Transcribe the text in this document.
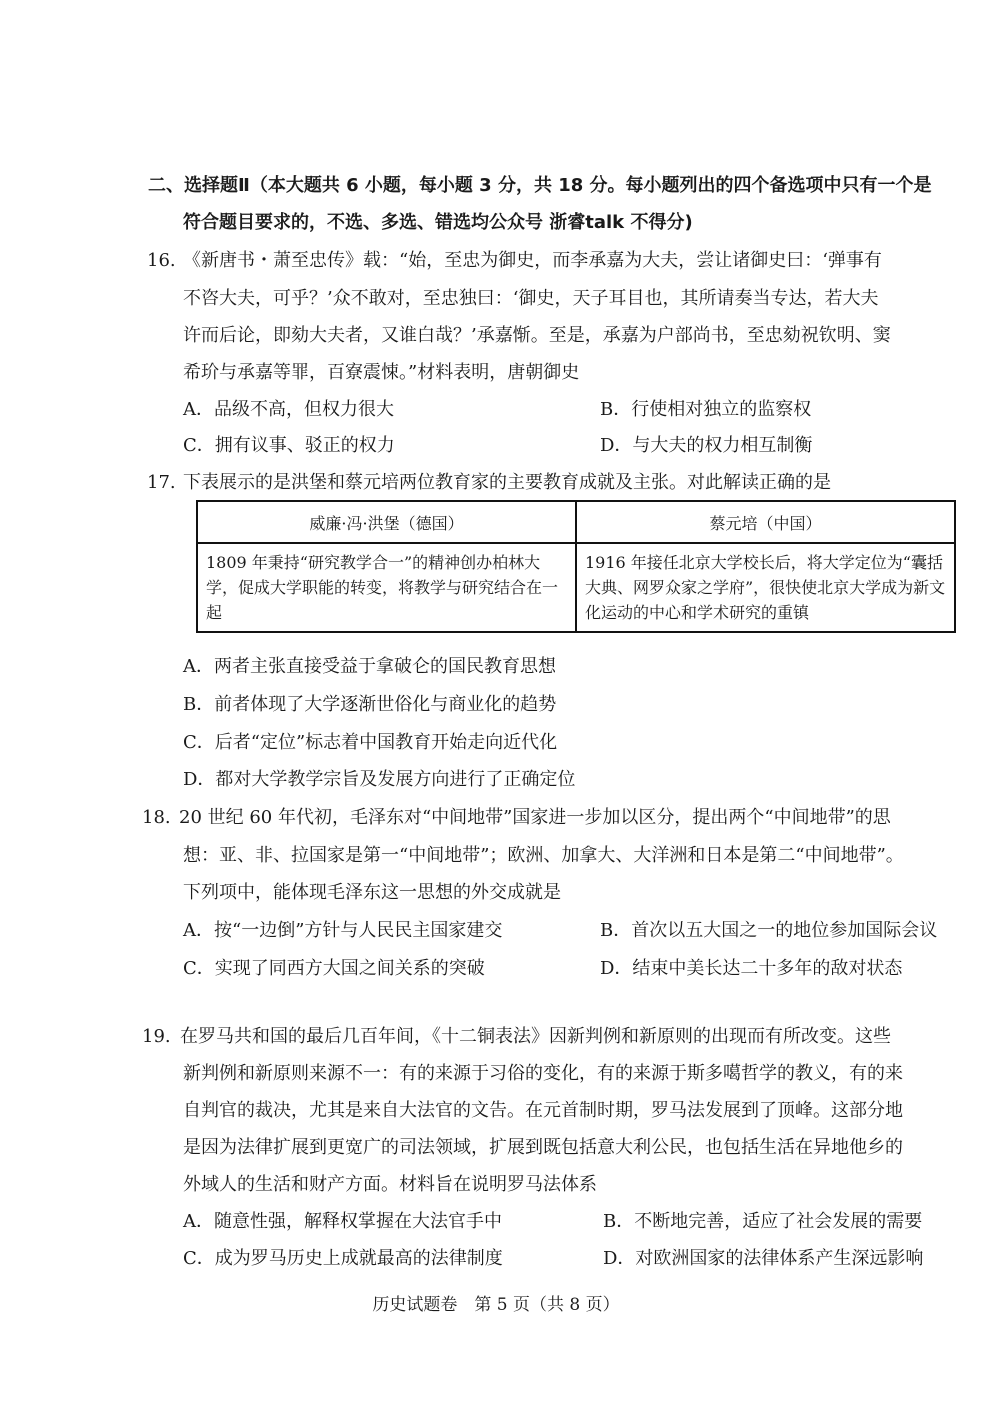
二、选择题Ⅱ（本大题共 6 小题，每小题 3 分，共 18 分。每小题列出的四个备选项中只有一个是
符合题目要求的，不选、多选、错选均公众号 浙睿talk 不得分)
16. 《新唐书・萧至忠传》载：“始，至忠为御史，而李承嘉为大夫，尝让诸御史曰：‘弹事有
不咨大夫，可乎？’众不敢对，至忠独曰：‘御史，天子耳目也，其所请奏当专达，若大夫
许而后论，即劾大夫者，又谁白哉？’承嘉惭。至是，承嘉为户部尚书，至忠劾祝钦明、窦
希玠与承嘉等罪，百寮震悚。”材料表明，唐朝御史
A．品级不高，但权力很大	B．行使相对独立的监察权
C．拥有议事、驳正的权力	D．与大夫的权力相互制衡
17. 下表展示的是洪堡和蔡元培两位教育家的主要教育成就及主张。对此解读正确的是
威廉·冯·洪堡（德国）	蔡元培（中国）
1809 年秉持“研究教学合一”的精神创办柏林大学，促成大学职能的转变，将教学与研究结合在一起	1916 年接任北京大学校长后，将大学定位为“囊括大典、网罗众家之学府”，很快使北京大学成为新文化运动的中心和学术研究的重镇
A．两者主张直接受益于拿破仑的国民教育思想
B．前者体现了大学逐渐世俗化与商业化的趋势
C．后者“定位”标志着中国教育开始走向近代化
D．都对大学教学宗旨及发展方向进行了正确定位
18. 20 世纪 60 年代初，毛泽东对“中间地带”国家进一步加以区分，提出两个“中间地带”的思
想：亚、非、拉国家是第一“中间地带”；欧洲、加拿大、大洋洲和日本是第二“中间地带”。
下列项中，能体现毛泽东这一思想的外交成就是
A．按“一边倒”方针与人民民主国家建交	B．首次以五大国之一的地位参加国际会议
C．实现了同西方大国之间关系的突破	D．结束中美长达二十多年的敌对状态
19. 在罗马共和国的最后几百年间，《十二铜表法》因新判例和新原则的出现而有所改变。这些
新判例和新原则来源不一：有的来源于习俗的变化，有的来源于斯多噶哲学的教义，有的来
自判官的裁决，尤其是来自大法官的文告。在元首制时期，罗马法发展到了顶峰。这部分地
是因为法律扩展到更宽广的司法领域，扩展到既包括意大利公民，也包括生活在异地他乡的
外域人的生活和财产方面。材料旨在说明罗马法体系
A．随意性强，解释权掌握在大法官手中	B．不断地完善，适应了社会发展的需要
C．成为罗马历史上成就最高的法律制度	D．对欧洲国家的法律体系产生深远影响
历史试题卷　第 5 页（共 8 页）
